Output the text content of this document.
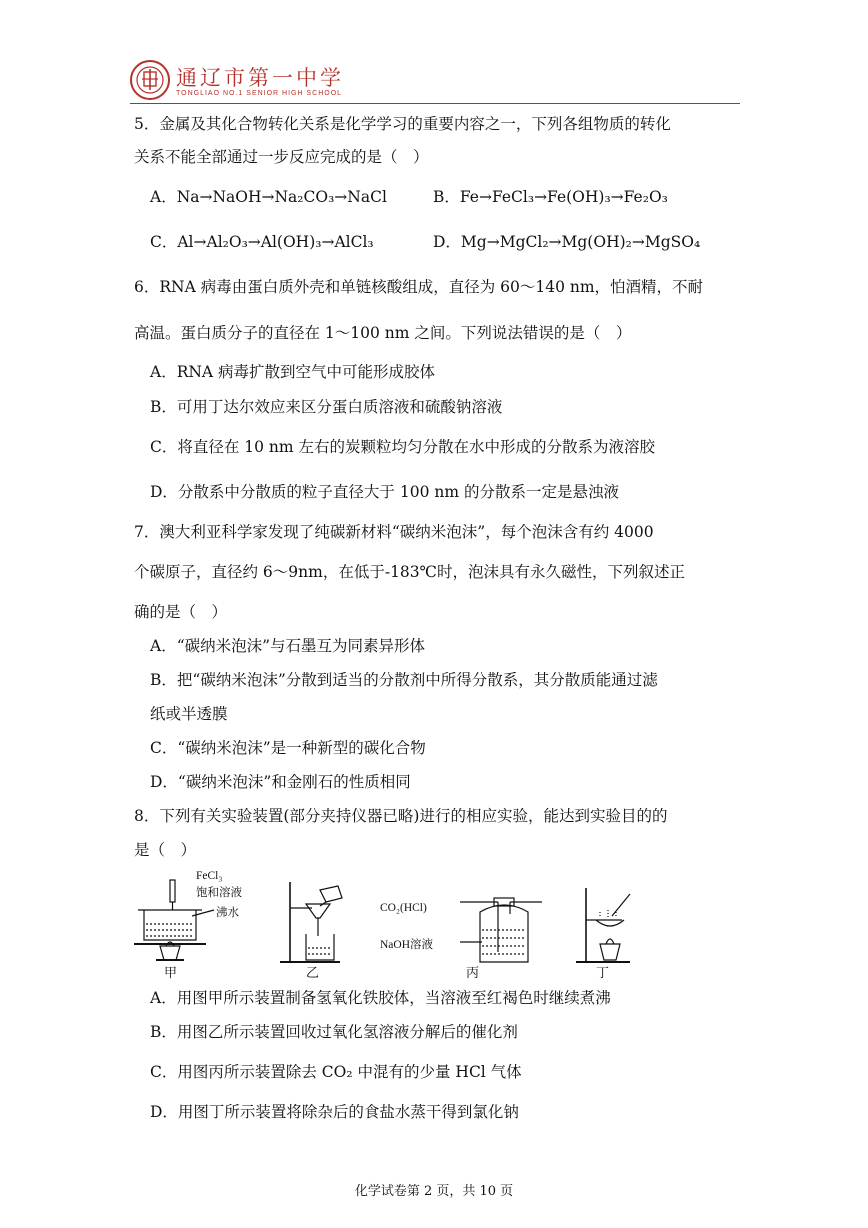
通辽市第一中学
TONGLIAO NO.1 SENIOR HIGH SCHOOL
5．金属及其化合物转化关系是化学学习的重要内容之一，下列各组物质的转化
关系不能全部通过一步反应完成的是（　）
A．Na→NaOH→Na₂CO₃→NaCl	B．Fe→FeCl₃→Fe(OH)₃→Fe₂O₃
C．Al→Al₂O₃→Al(OH)₃→AlCl₃	D．Mg→MgCl₂→Mg(OH)₂→MgSO₄
6．RNA 病毒由蛋白质外壳和单链核酸组成，直径为 60～140 nm，怕酒精，不耐
高温。蛋白质分子的直径在 1～100 nm 之间。下列说法错误的是（　）
A．RNA 病毒扩散到空气中可能形成胶体
B．可用丁达尔效应来区分蛋白质溶液和硫酸钠溶液
C．将直径在 10 nm 左右的炭颗粒均匀分散在水中形成的分散系为液溶胶
D．分散系中分散质的粒子直径大于 100 nm 的分散系一定是悬浊液
7．澳大利亚科学家发现了纯碳新材料“碳纳米泡沫”，每个泡沫含有约 4000
个碳原子，直径约 6～9nm，在低于-183℃时，泡沫具有永久磁性，下列叙述正
确的是（　）
A．“碳纳米泡沫”与石墨互为同素异形体
B．把“碳纳米泡沫”分散到适当的分散剂中所得分散系，其分散质能通过滤
纸或半透膜
C．“碳纳米泡沫”是一种新型的碳化合物
D．“碳纳米泡沫”和金刚石的性质相同
8．下列有关实验装置(部分夹持仪器已略)进行的相应实验，能达到实验目的的
是（　）
FeCl₃
饱和溶液
沸水	CO₂(HCl)
NaOH溶液
甲	乙	丙	丁
A．用图甲所示装置制备氢氧化铁胶体，当溶液至红褐色时继续煮沸
B．用图乙所示装置回收过氧化氢溶液分解后的催化剂
C．用图丙所示装置除去 CO₂ 中混有的少量 HCl 气体
D．用图丁所示装置将除杂后的食盐水蒸干得到氯化钠
化学试卷第 2 页，共 10 页
